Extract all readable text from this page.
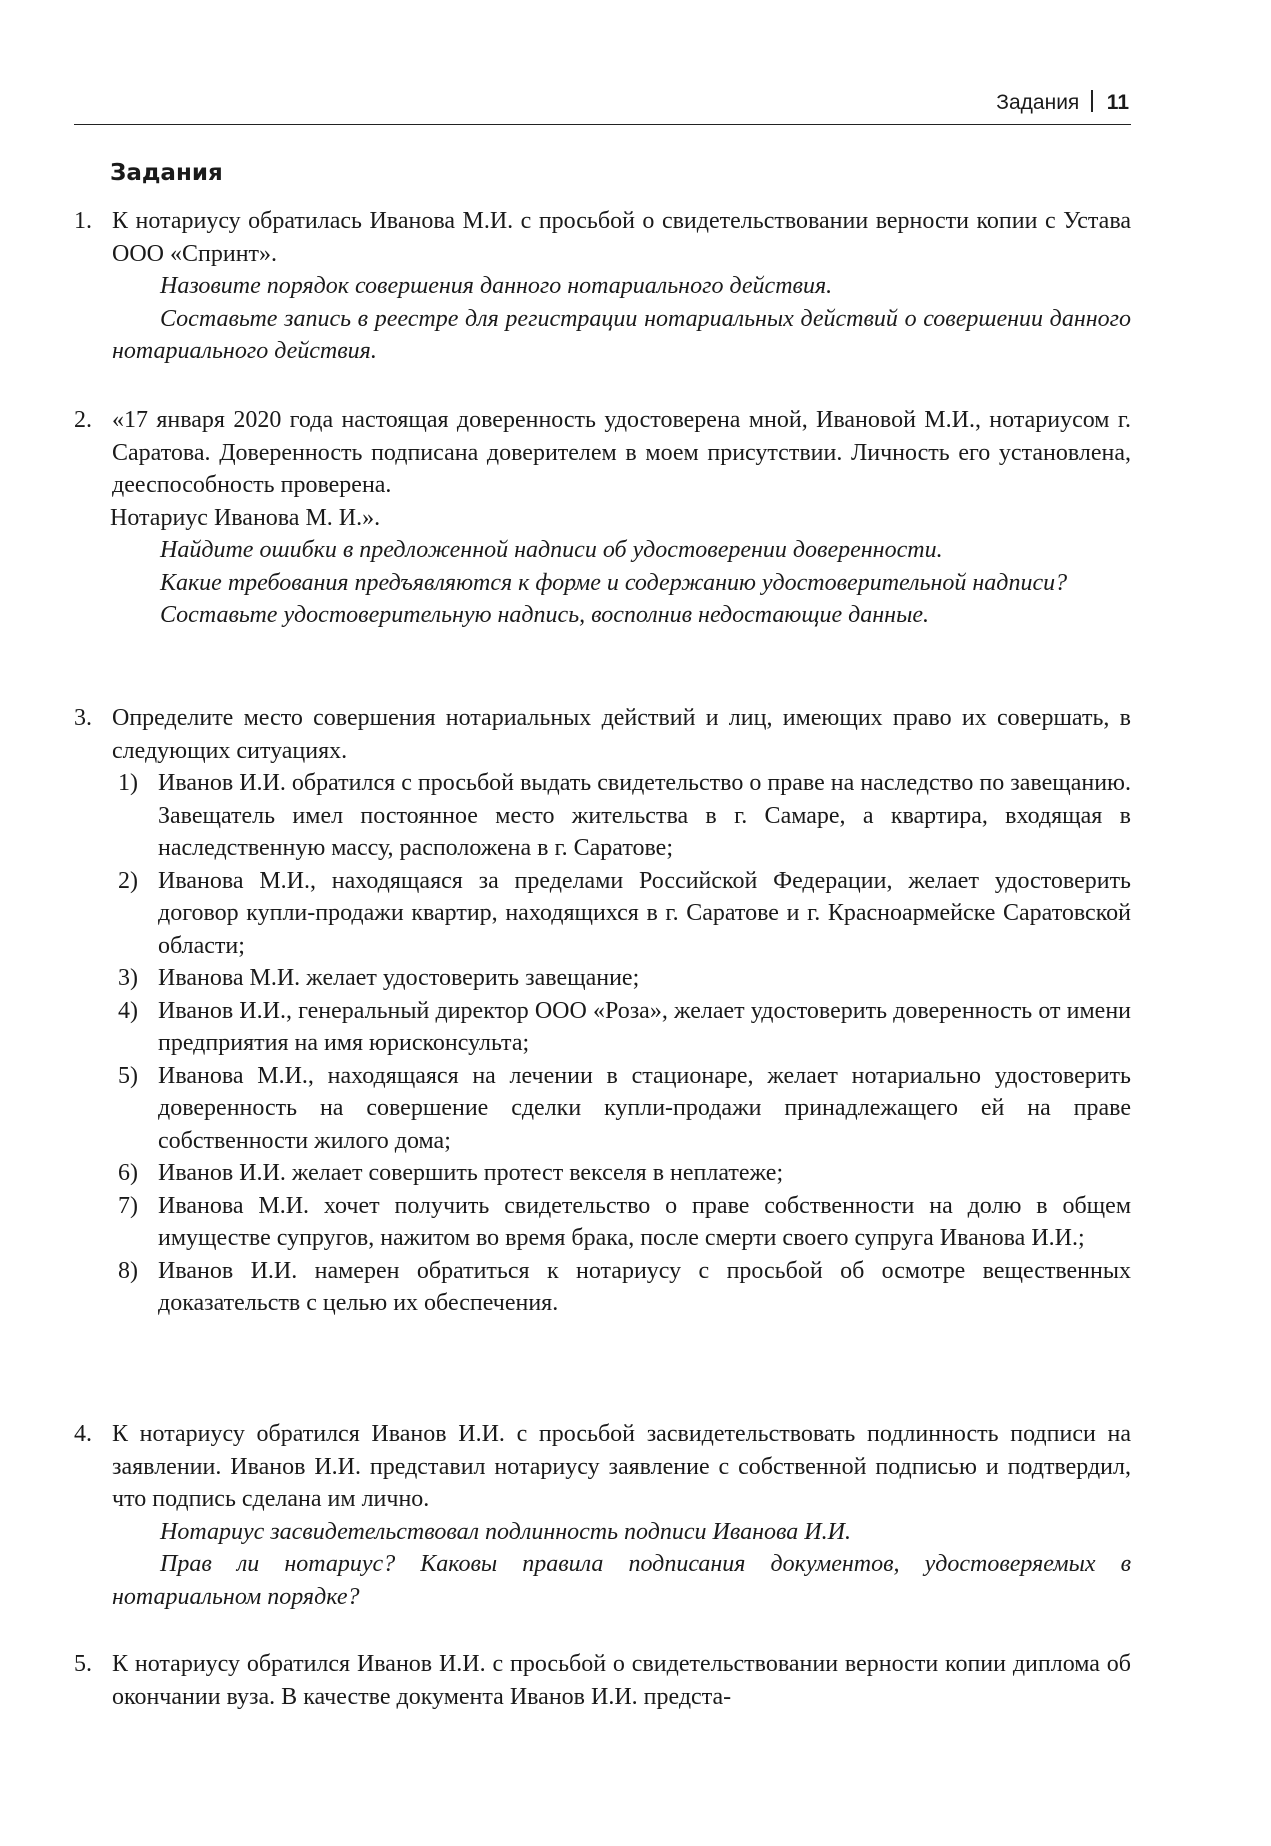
Задания 11
Задания
1. К нотариусу обратилась Иванова М.И. с просьбой о свидетельствовании верности копии с Устава ООО «Спринт».

Назовите порядок совершения данного нотариального действия.

Составьте запись в реестре для регистрации нотариальных действий о совершении данного нотариального действия.

2. «17 января 2020 года настоящая доверенность удостоверена мной, Ивановой М.И., нотариусом г. Саратова. Доверенность подписана доверителем в моем присутствии. Личность его установлена, дееспособность проверена.

Нотариус Иванова М. И.».

Найдите ошибки в предложенной надписи об удостоверении доверенности.

Какие требования предъявляются к форме и содержанию удостоверительной надписи?

Составьте удостоверительную надпись, восполнив недостающие данные.

3. Определите место совершения нотариальных действий и лиц, имеющих право их совершать, в следующих ситуациях.

1) Иванов И.И. обратился с просьбой выдать свидетельство о праве на наследство по завещанию. Завещатель имел постоянное место жительства в г. Самаре, а квартира, входящая в наследственную массу, расположена в г. Саратове;
2) Иванова М.И., находящаяся за пределами Российской Федерации, желает удостоверить договор купли-продажи квартир, находящихся в г. Саратове и г. Красноармейске Саратовской области;
3) Иванова М.И. желает удостоверить завещание;
4) Иванов И.И., генеральный директор ООО «Роза», желает удостоверить доверенность от имени предприятия на имя юрисконсульта;
5) Иванова М.И., находящаяся на лечении в стационаре, желает нотариально удостоверить доверенность на совершение сделки купли-продажи принадлежащего ей на праве собственности жилого дома;
6) Иванов И.И. желает совершить протест векселя в неплатеже;
7) Иванова М.И. хочет получить свидетельство о праве собственности на долю в общем имуществе супругов, нажитом во время брака, после смерти своего супруга Иванова И.И.;
8) Иванов И.И. намерен обратиться к нотариусу с просьбой об осмотре вещественных доказательств с целью их обеспечения.
4. К нотариусу обратился Иванов И.И. с просьбой засвидетельствовать подлинность подписи на заявлении. Иванов И.И. представил нотариусу заявление с собственной подписью и подтвердил, что подпись сделана им лично.

Нотариус засвидетельствовал подлинность подписи Иванова И.И.

Прав ли нотариус? Каковы правила подписания документов, удостоверяемых в нотариальном порядке?

5. К нотариусу обратился Иванов И.И. с просьбой о свидетельствовании верности копии диплома об окончании вуза. В качестве документа Иванов И.И. предста-
